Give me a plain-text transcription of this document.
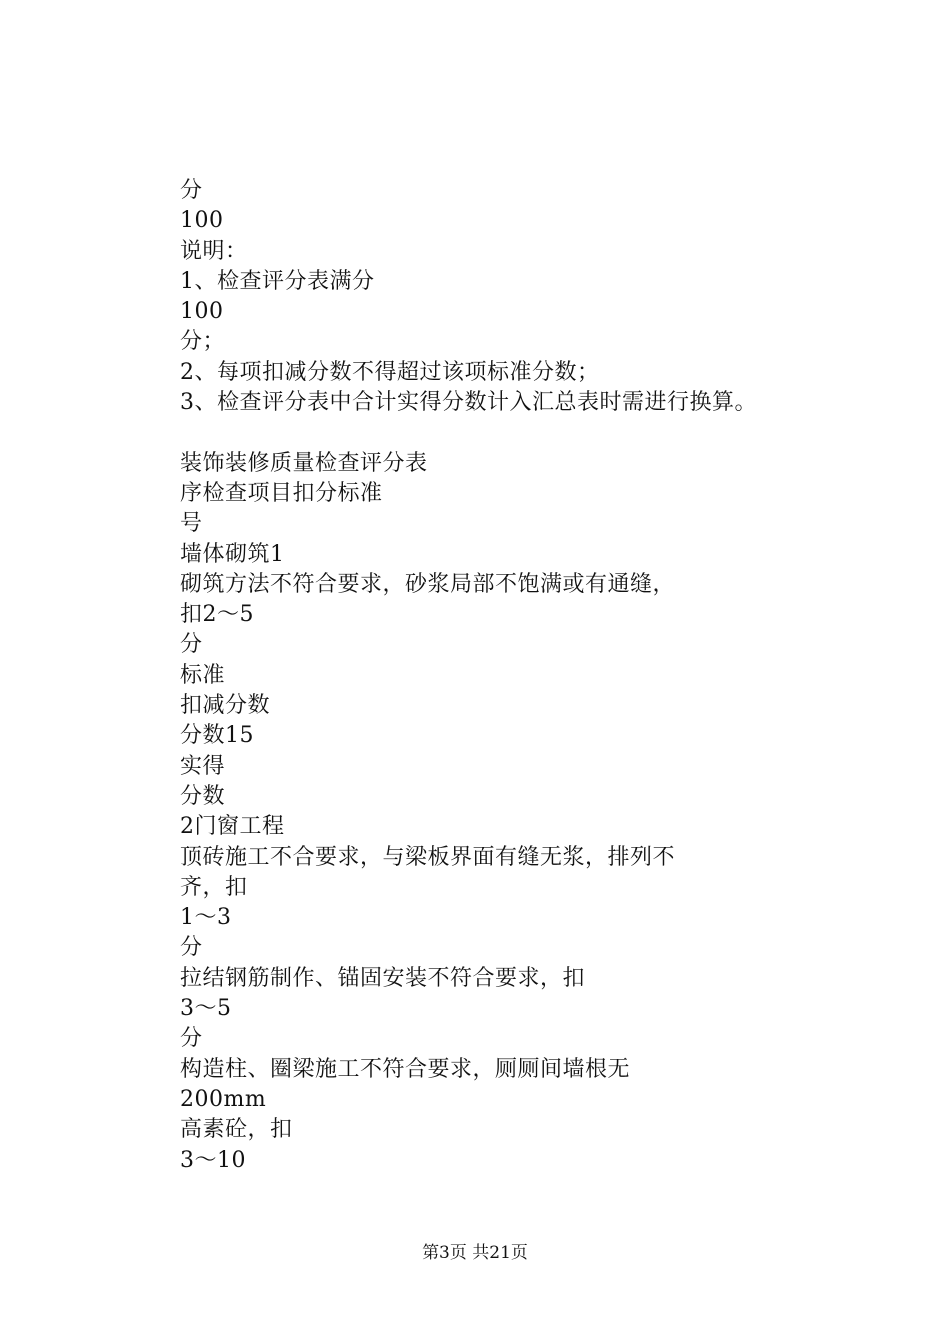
分
100
说明：
1、检查评分表满分
100
分；
2、每项扣减分数不得超过该项标准分数；
3、检查评分表中合计实得分数计入汇总表时需进行换算。
装饰装修质量检查评分表
序检查项目扣分标准
号
墙体砌筑1
砌筑方法不符合要求，砂浆局部不饱满或有通缝，
扣2～5
分
标准
扣减分数
分数15
实得
分数
2门窗工程
顶砖施工不合要求，与梁板界面有缝无浆，排列不
齐，扣
1～3
分
拉结钢筋制作、锚固安装不符合要求，扣
3～5
分
构造柱、圈梁施工不符合要求，厕厕间墙根无
200mm
高素砼，扣
3～10
第3页 共21页
